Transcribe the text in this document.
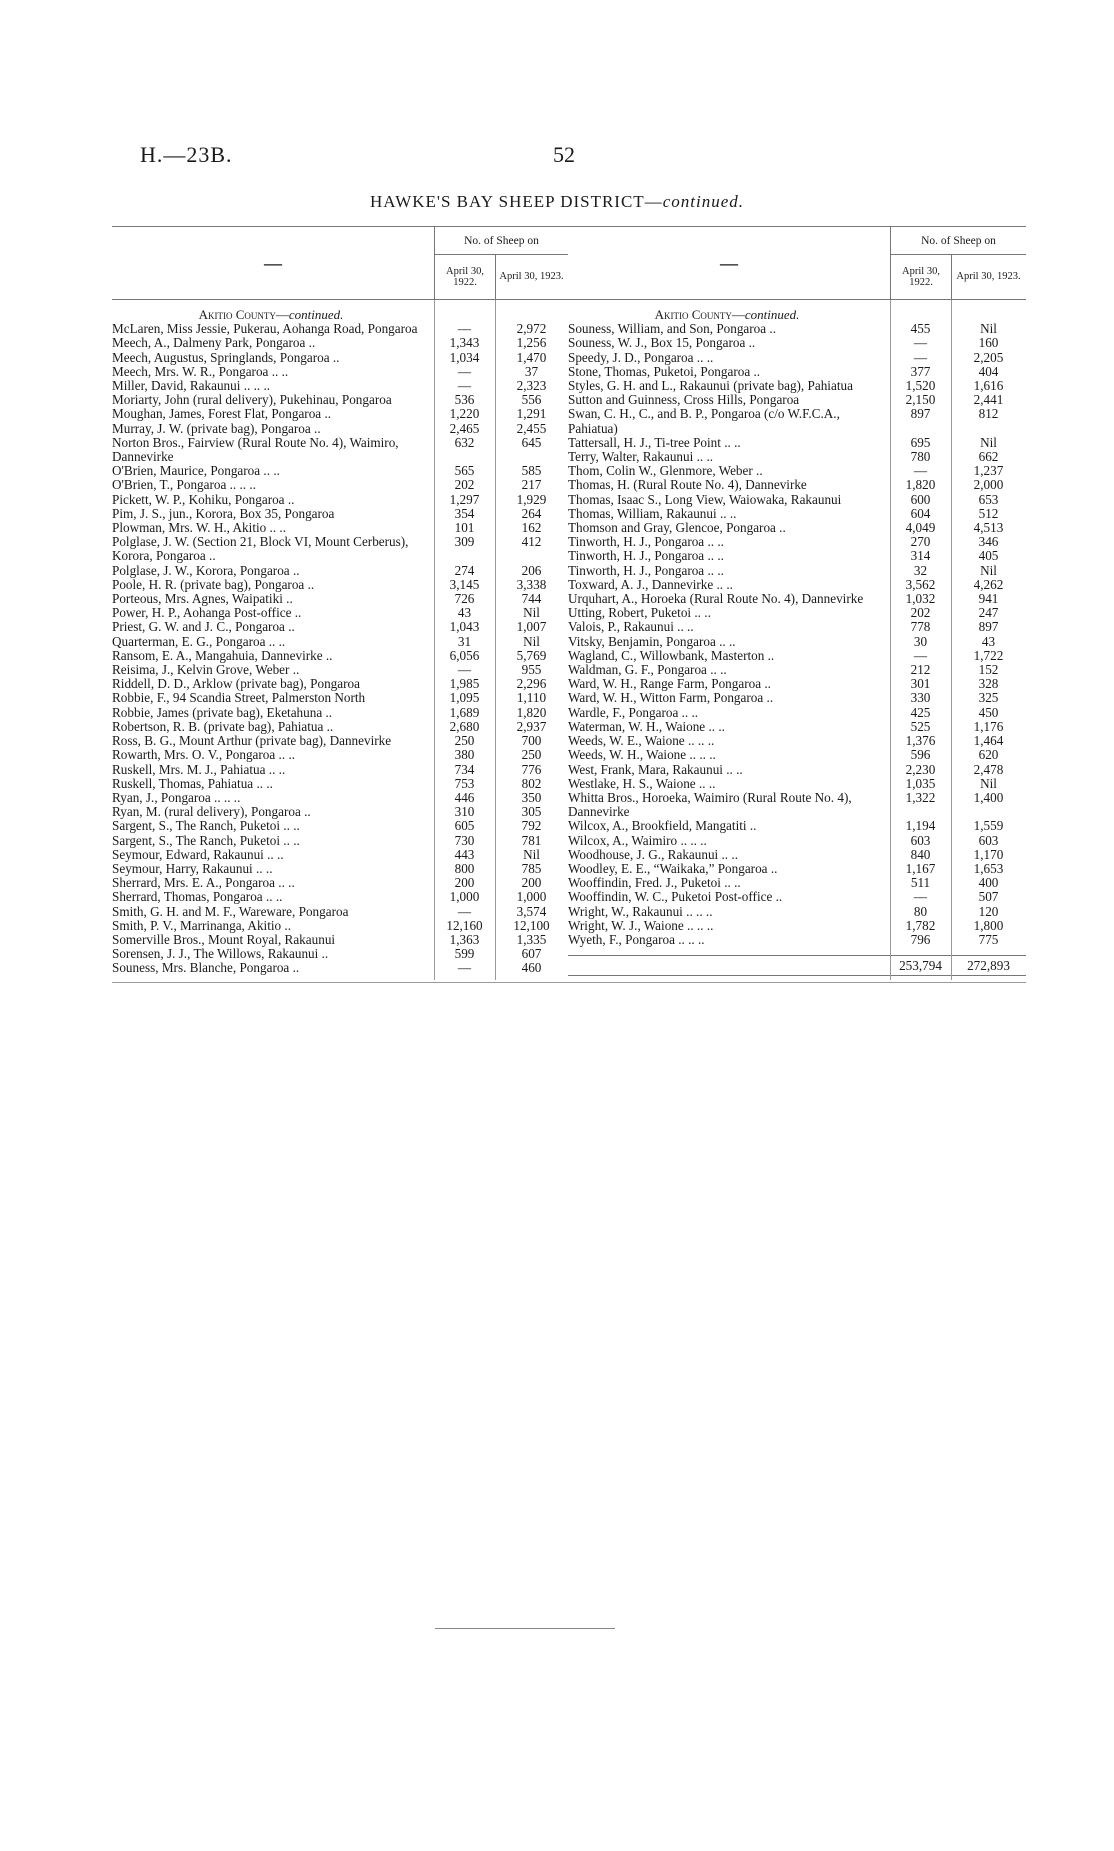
H.—23B.	52
HAWKE'S BAY SHEEP DISTRICT—continued.
—
No. of Sheep on
April 30, 1922.	April 30, 1923.
Akitio County—continued.
McLaren, Miss Jessie, Pukerau, Aohanga Road, Pongaroa	—	2,972
Meech, A., Dalmeny Park, Pongaroa ..	1,343	1,256
Meech, Augustus, Springlands, Pongaroa ..	1,034	1,470
Meech, Mrs. W. R., Pongaroa .. ..	—	37
Miller, David, Rakaunui .. .. ..	—	2,323
Moriarty, John (rural delivery), Pukehinau, Pongaroa	536	556
Moughan, James, Forest Flat, Pongaroa ..	1,220	1,291
Murray, J. W. (private bag), Pongaroa ..	2,465	2,455
Norton Bros., Fairview (Rural Route No. 4), Waimiro, Dannevirke
632	645
O'Brien, Maurice, Pongaroa .. ..	565	585
O'Brien, T., Pongaroa .. .. ..	202	217
Pickett, W. P., Kohiku, Pongaroa ..	1,297	1,929
Pim, J. S., jun., Korora, Box 35, Pongaroa	354	264
Plowman, Mrs. W. H., Akitio .. ..	101	162
Polglase, J. W. (Section 21, Block VI, Mount Cerberus), Korora, Pongaroa ..
309	412
Polglase, J. W., Korora, Pongaroa ..	274	206
Poole, H. R. (private bag), Pongaroa ..	3,145	3,338
Porteous, Mrs. Agnes, Waipatiki ..	726	744
Power, H. P., Aohanga Post-office ..	43	Nil
Priest, G. W. and J. C., Pongaroa ..	1,043	1,007
Quarterman, E. G., Pongaroa .. ..	31	Nil
Ransom, E. A., Mangahuia, Dannevirke ..	6,056	5,769
Reisima, J., Kelvin Grove, Weber ..	—	955
Riddell, D. D., Arklow (private bag), Pongaroa	1,985	2,296
Robbie, F., 94 Scandia Street, Palmerston North	1,095	1,110
Robbie, James (private bag), Eketahuna ..	1,689	1,820
Robertson, R. B. (private bag), Pahiatua ..	2,680	2,937
Ross, B. G., Mount Arthur (private bag), Dannevirke	250	700
Rowarth, Mrs. O. V., Pongaroa .. ..	380	250
Ruskell, Mrs. M. J., Pahiatua .. ..	734	776
Ruskell, Thomas, Pahiatua .. ..	753	802
Ryan, J., Pongaroa .. .. ..	446	350
Ryan, M. (rural delivery), Pongaroa ..	310	305
Sargent, S., The Ranch, Puketoi .. ..	605	792
Sargent, S., The Ranch, Puketoi .. ..	730	781
Seymour, Edward, Rakaunui .. ..	443	Nil
Seymour, Harry, Rakaunui .. ..	800	785
Sherrard, Mrs. E. A., Pongaroa .. ..	200	200
Sherrard, Thomas, Pongaroa .. ..	1,000	1,000
Smith, G. H. and M. F., Wareware, Pongaroa	—	3,574
Smith, P. V., Marrinanga, Akitio ..	12,160	12,100
Somerville Bros., Mount Royal, Rakaunui	1,363	1,335
Sorensen, J. J., The Willows, Rakaunui ..	599	607
Souness, Mrs. Blanche, Pongaroa ..	—	460
—
No. of Sheep on
April 30, 1922.	April 30, 1923.
Akitio County—continued.
Souness, William, and Son, Pongaroa ..	455	Nil
Souness, W. J., Box 15, Pongaroa ..	—	160
Speedy, J. D., Pongaroa .. ..	—	2,205
Stone, Thomas, Puketoi, Pongaroa ..	377	404
Styles, G. H. and L., Rakaunui (private bag), Pahiatua	1,520	1,616
Sutton and Guinness, Cross Hills, Pongaroa	2,150	2,441
Swan, C. H., C., and B. P., Pongaroa (c/o W.F.C.A., Pahiatua)
897	812
Tattersall, H. J., Ti-tree Point .. ..	695	Nil
Terry, Walter, Rakaunui .. ..	780	662
Thom, Colin W., Glenmore, Weber ..	—	1,237
Thomas, H. (Rural Route No. 4), Dannevirke	1,820	2,000
Thomas, Isaac S., Long View, Waiowaka, Rakaunui	600	653
Thomas, William, Rakaunui .. ..	604	512
Thomson and Gray, Glencoe, Pongaroa ..	4,049	4,513
Tinworth, H. J., Pongaroa .. ..	270	346
Tinworth, H. J., Pongaroa .. ..	314	405
Tinworth, H. J., Pongaroa .. ..	32	Nil
Toxward, A. J., Dannevirke .. ..	3,562	4,262
Urquhart, A., Horoeka (Rural Route No. 4), Dannevirke	1,032	941
Utting, Robert, Puketoi .. ..	202	247
Valois, P., Rakaunui .. ..	778	897
Vitsky, Benjamin, Pongaroa .. ..	30	43
Wagland, C., Willowbank, Masterton ..	—	1,722
Waldman, G. F., Pongaroa .. ..	212	152
Ward, W. H., Range Farm, Pongaroa ..	301	328
Ward, W. H., Witton Farm, Pongaroa ..	330	325
Wardle, F., Pongaroa .. ..	425	450
Waterman, W. H., Waione .. ..	525	1,176
Weeds, W. E., Waione .. .. ..	1,376	1,464
Weeds, W. H., Waione .. .. ..	596	620
West, Frank, Mara, Rakaunui .. ..	2,230	2,478
Westlake, H. S., Waione .. ..	1,035	Nil
Whitta Bros., Horoeka, Waimiro (Rural Route No. 4), Dannevirke
1,322	1,400
Wilcox, A., Brookfield, Mangatiti ..	1,194	1,559
Wilcox, A., Waimiro .. .. ..	603	603
Woodhouse, J. G., Rakaunui .. ..	840	1,170
Woodley, E. E., “Waikaka,” Pongaroa ..	1,167	1,653
Wooffindin, Fred. J., Puketoi .. ..	511	400
Wooffindin, W. C., Puketoi Post-office ..	—	507
Wright, W., Rakaunui .. .. ..	80	120
Wright, W. J., Waione .. .. ..	1,782	1,800
Wyeth, F., Pongaroa .. .. ..	796	775
253,794	272,893
